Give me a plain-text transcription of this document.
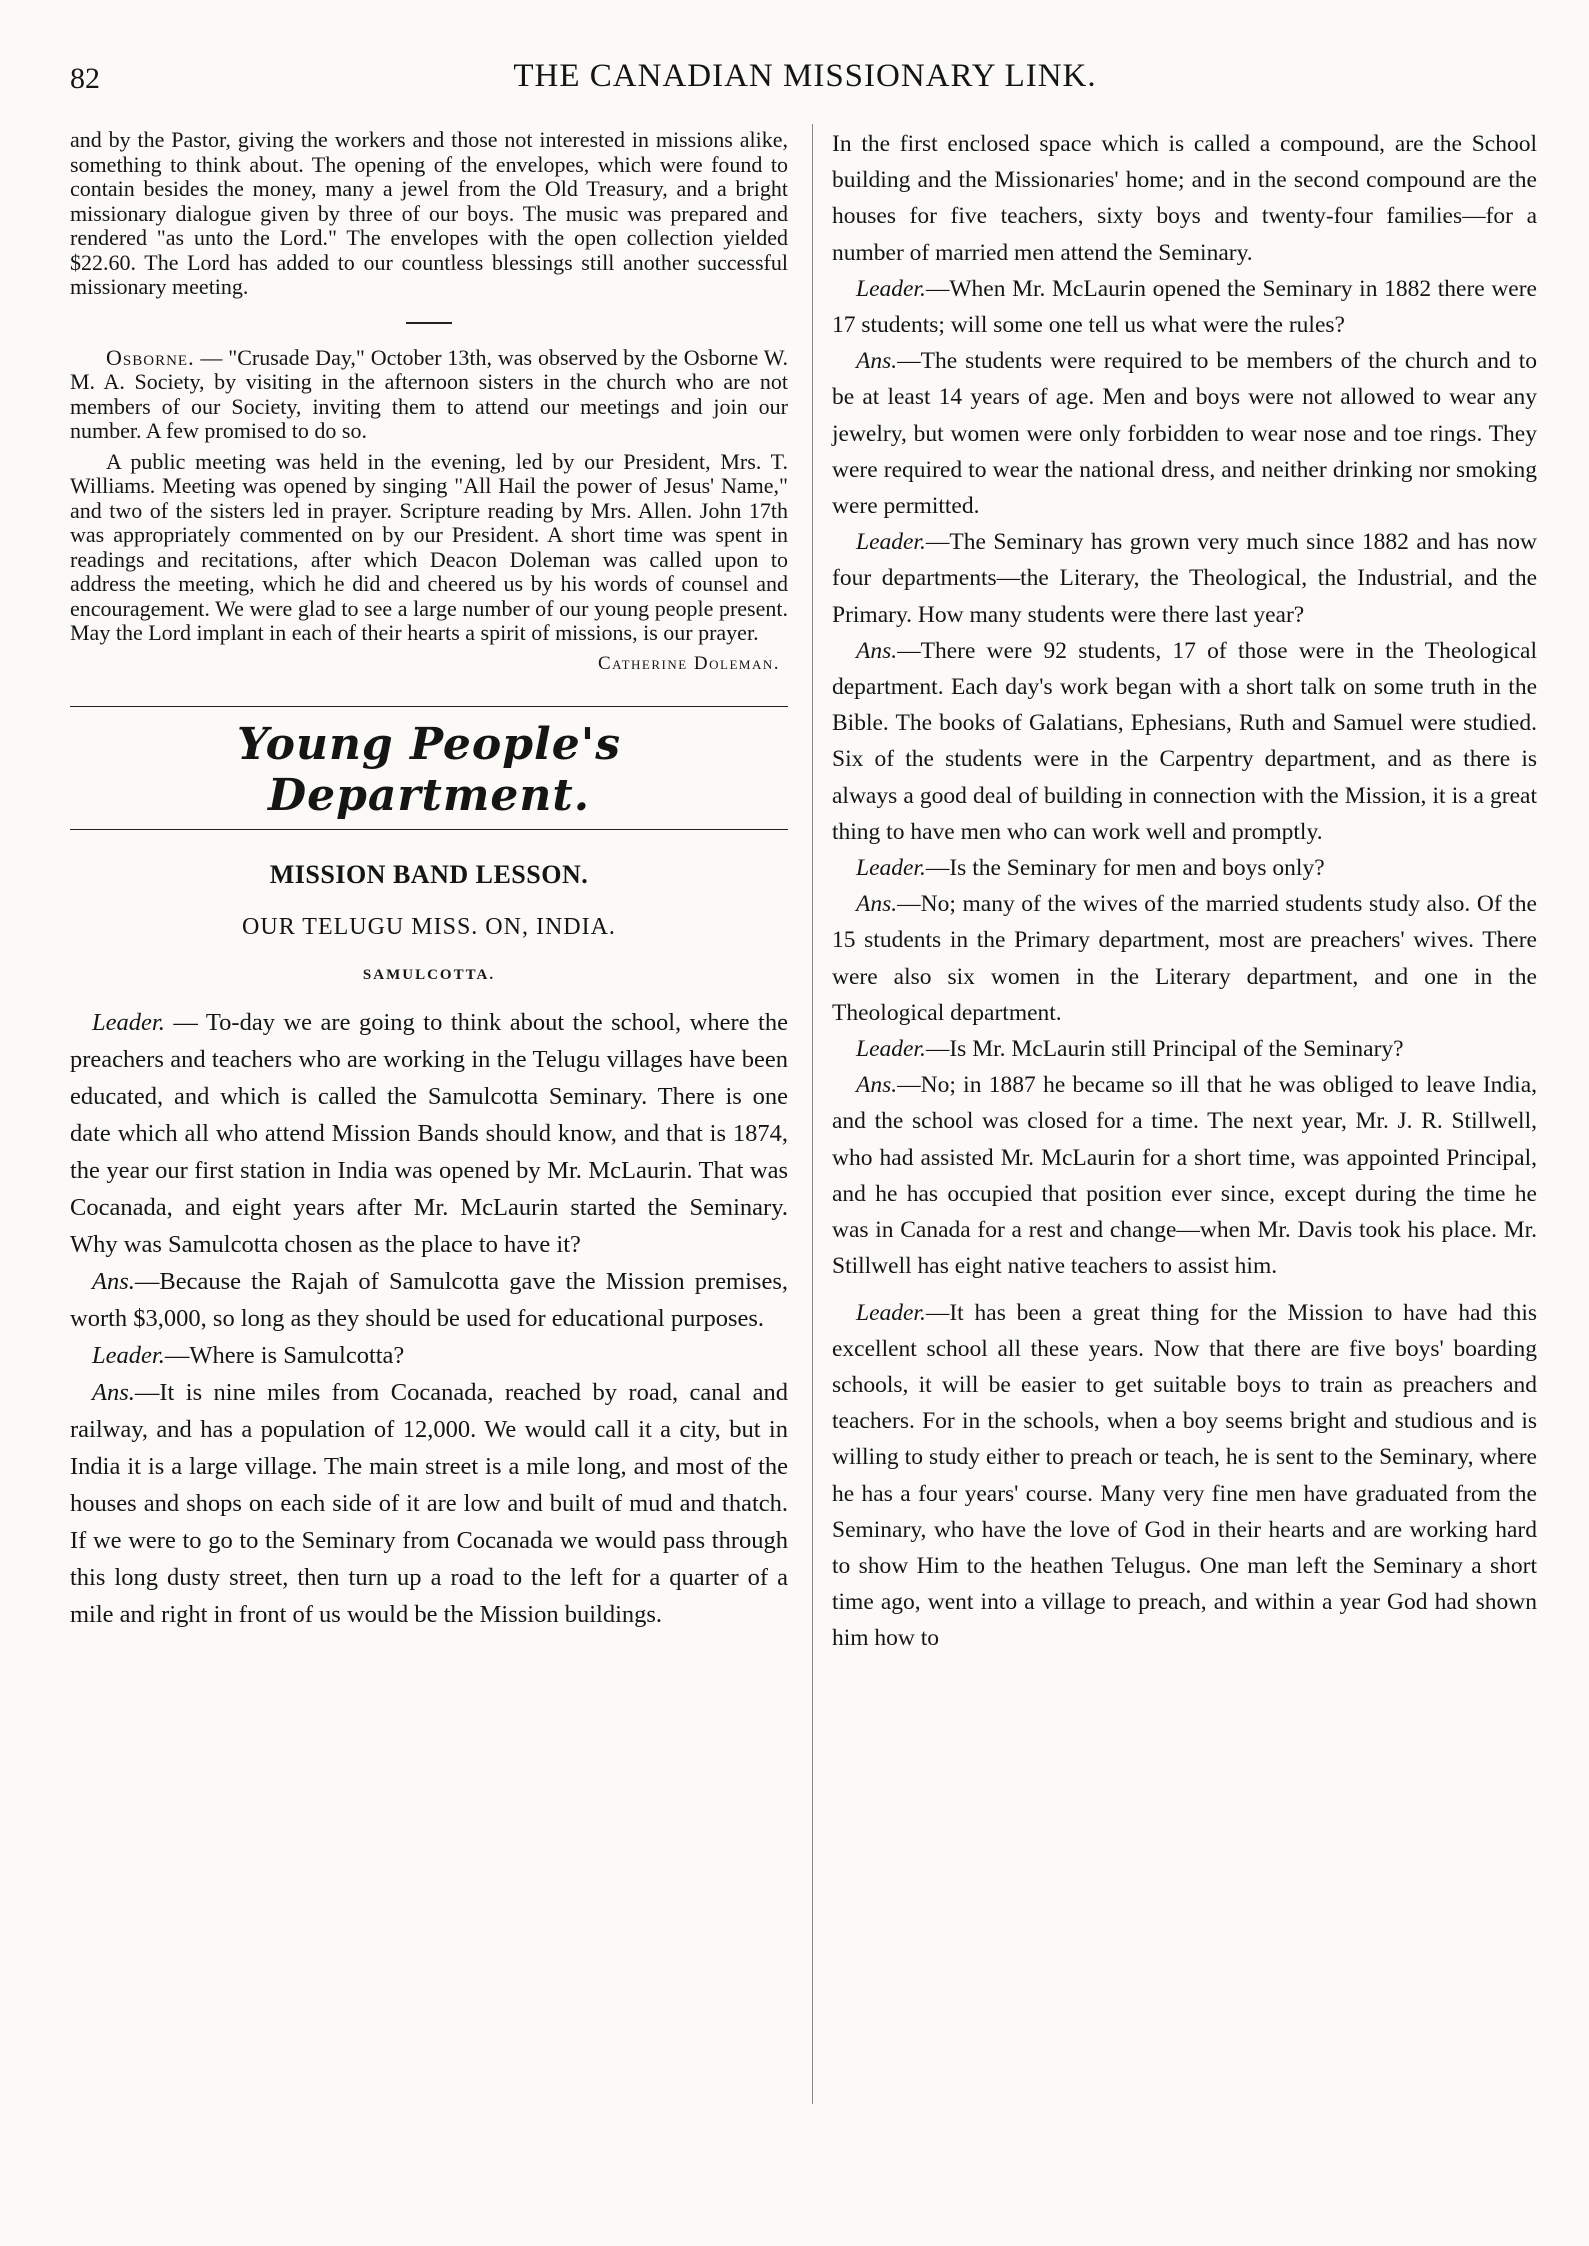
82	THE CANADIAN MISSIONARY LINK.

and by the Pastor, giving the workers and those not interested in missions alike, something to think about. The opening of the envelopes, which were found to contain besides the money, many a jewel from the Old Treasury, and a bright missionary dialogue given by three of our boys. The music was prepared and rendered "as unto the Lord." The envelopes with the open collection yielded $22.60. The Lord has added to our countless blessings still another successful missionary meeting.

Osborne. — "Crusade Day," October 13th, was observed by the Osborne W. M. A. Society, by visiting in the afternoon sisters in the church who are not members of our Society, inviting them to attend our meetings and join our number. A few promised to do so.

A public meeting was held in the evening, led by our President, Mrs. T. Williams. Meeting was opened by singing "All Hail the power of Jesus' Name," and two of the sisters led in prayer. Scripture reading by Mrs. Allen. John 17th was appropriately commented on by our President. A short time was spent in readings and recitations, after which Deacon Doleman was called upon to address the meeting, which he did and cheered us by his words of counsel and encouragement. We were glad to see a large number of our young people present. May the Lord implant in each of their hearts a spirit of missions, is our prayer.

Catherine Doleman.

Young People's Department.
MISSION BAND LESSON.
OUR TELUGU MISS. ON, INDIA.
SAMULCOTTA.

Leader. — To-day we are going to think about the school, where the preachers and teachers who are working in the Telugu villages have been educated, and which is called the Samulcotta Seminary. There is one date which all who attend Mission Bands should know, and that is 1874, the year our first station in India was opened by Mr. McLaurin. That was Cocanada, and eight years after Mr. McLaurin started the Seminary. Why was Samulcotta chosen as the place to have it?

Ans.—Because the Rajah of Samulcotta gave the Mission premises, worth $3,000, so long as they should be used for educational purposes.

Leader.—Where is Samulcotta?

Ans.—It is nine miles from Cocanada, reached by road, canal and railway, and has a population of 12,000. We would call it a city, but in India it is a large village. The main street is a mile long, and most of the houses and shops on each side of it are low and built of mud and thatch. If we were to go to the Seminary from Cocanada we would pass through this long dusty street, then turn up a road to the left for a quarter of a mile and right in front of us would be the Mission buildings.

In the first enclosed space which is called a compound, are the School building and the Missionaries' home; and in the second compound are the houses for five teachers, sixty boys and twenty-four families—for a number of married men attend the Seminary.

Leader.—When Mr. McLaurin opened the Seminary in 1882 there were 17 students; will some one tell us what were the rules?

Ans.—The students were required to be members of the church and to be at least 14 years of age. Men and boys were not allowed to wear any jewelry, but women were only forbidden to wear nose and toe rings. They were required to wear the national dress, and neither drinking nor smoking were permitted.

Leader.—The Seminary has grown very much since 1882 and has now four departments—the Literary, the Theological, the Industrial, and the Primary. How many students were there last year?

Ans.—There were 92 students, 17 of those were in the Theological department. Each day's work began with a short talk on some truth in the Bible. The books of Galatians, Ephesians, Ruth and Samuel were studied. Six of the students were in the Carpentry department, and as there is always a good deal of building in connection with the Mission, it is a great thing to have men who can work well and promptly.

Leader.—Is the Seminary for men and boys only?

Ans.—No; many of the wives of the married students study also. Of the 15 students in the Primary department, most are preachers' wives. There were also six women in the Literary department, and one in the Theological department.

Leader.—Is Mr. McLaurin still Principal of the Seminary?

Ans.—No; in 1887 he became so ill that he was obliged to leave India, and the school was closed for a time. The next year, Mr. J. R. Stillwell, who had assisted Mr. McLaurin for a short time, was appointed Principal, and he has occupied that position ever since, except during the time he was in Canada for a rest and change—when Mr. Davis took his place. Mr. Stillwell has eight native teachers to assist him.

Leader.—It has been a great thing for the Mission to have had this excellent school all these years. Now that there are five boys' boarding schools, it will be easier to get suitable boys to train as preachers and teachers. For in the schools, when a boy seems bright and studious and is willing to study either to preach or teach, he is sent to the Seminary, where he has a four years' course. Many very fine men have graduated from the Seminary, who have the love of God in their hearts and are working hard to show Him to the heathen Telugus. One man left the Seminary a short time ago, went into a village to preach, and within a year God had shown him how to
